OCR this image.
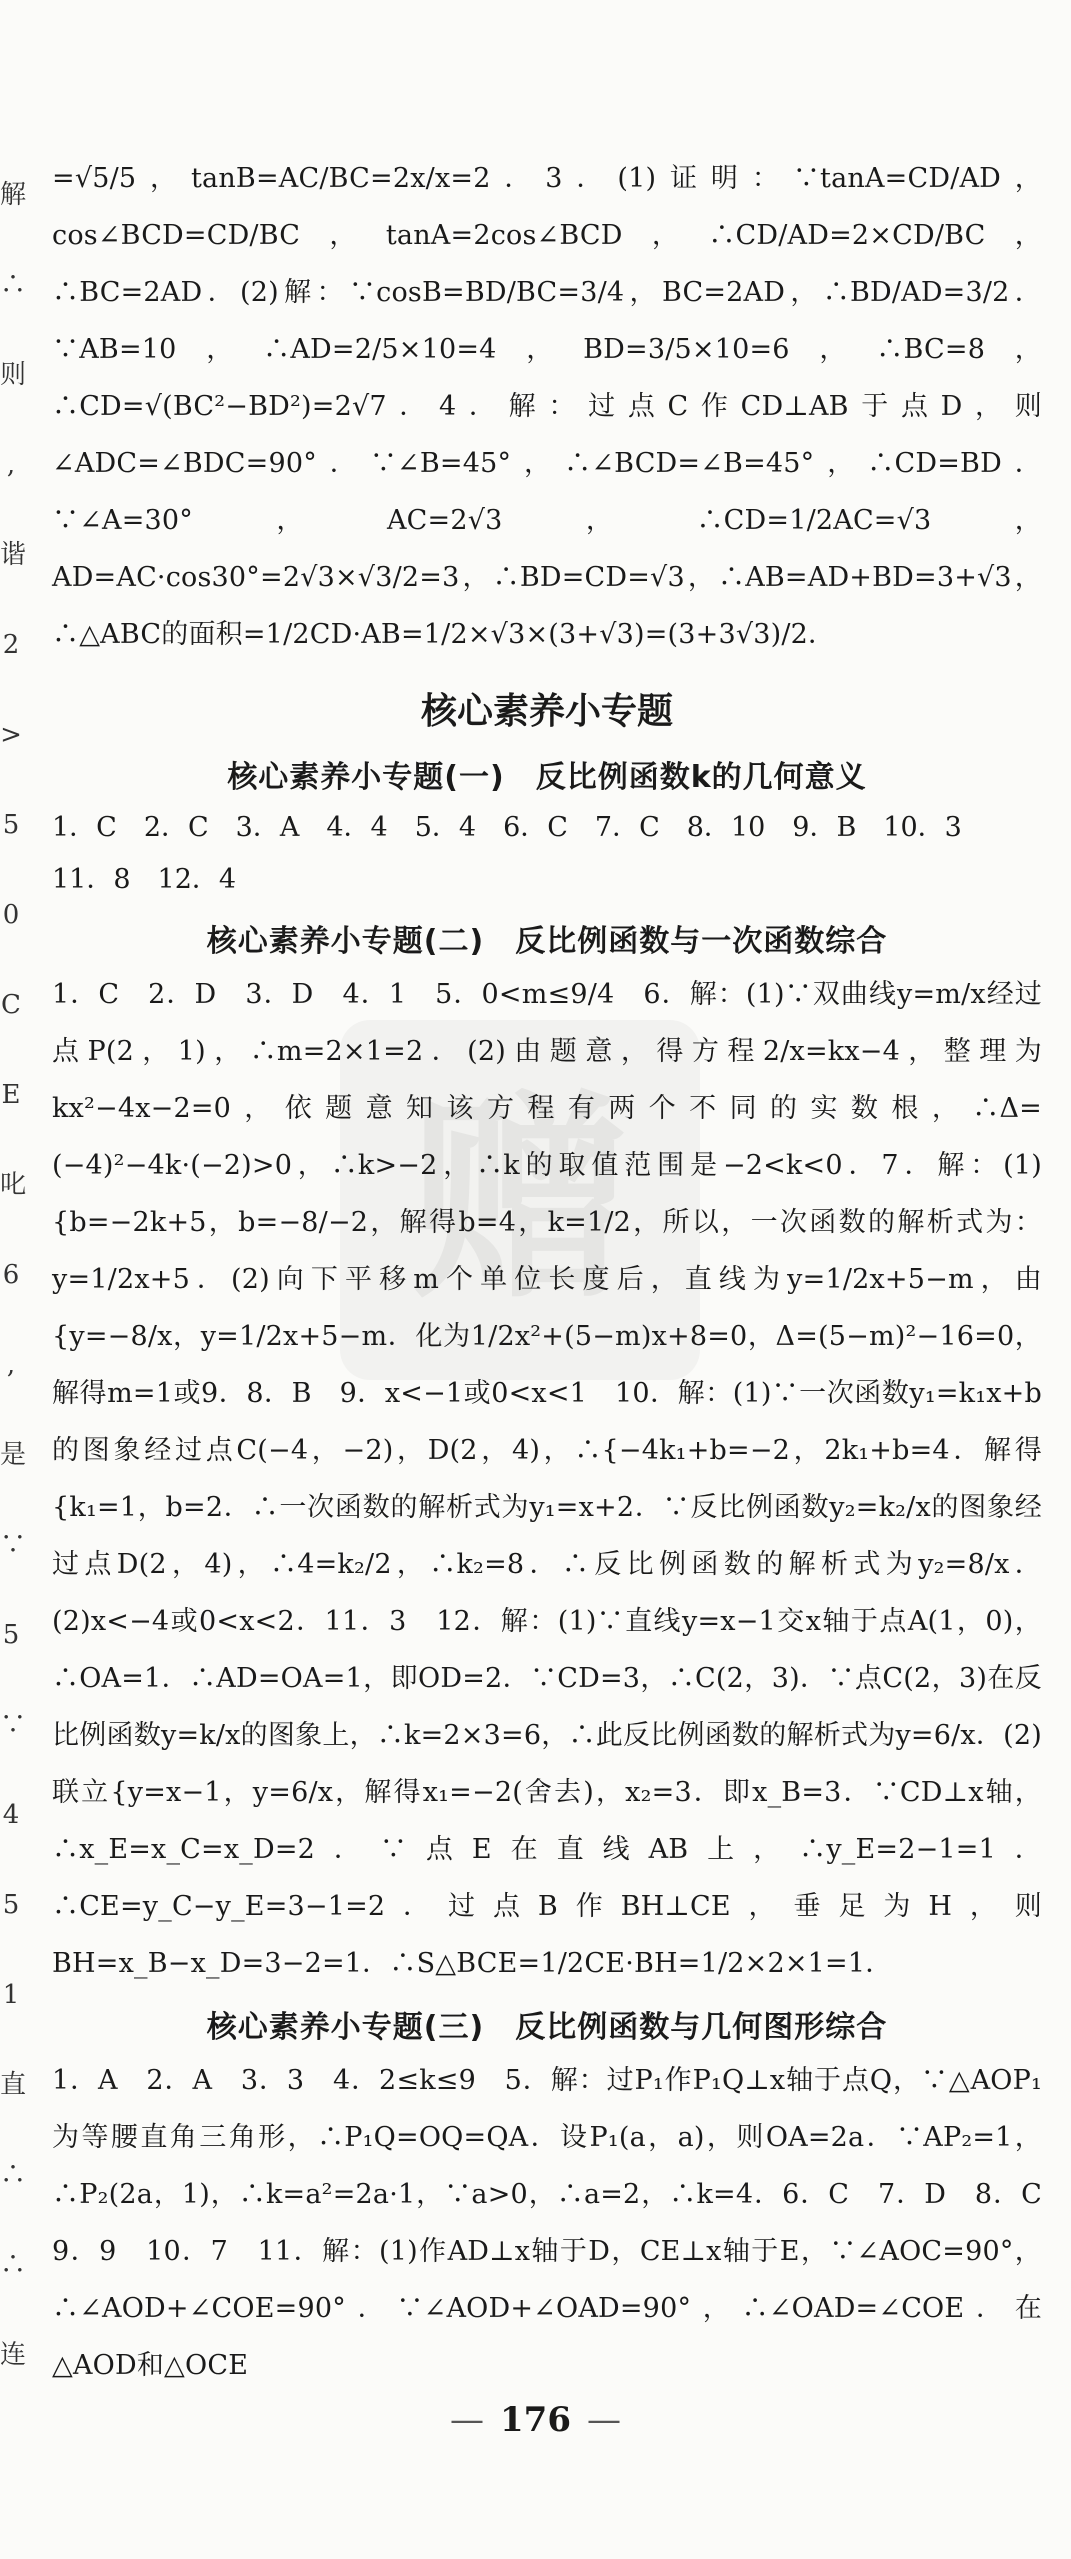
解 ∴ 则 , 谐 2 > 5 0 C E 叱 6 , 是 ∵ 5 ∵ 4 5 1 直 ∴ ∴ 连
赠

=√5/5，tanB=AC/BC=2x/x=2．3．(1)证明：∵tanA=CD/AD，cos∠BCD=CD/BC，tanA=2cos∠BCD，∴CD/AD=2×CD/BC，∴BC=2AD．(2)解：∵cosB=BD/BC=3/4，BC=2AD，∴BD/AD=3/2．∵AB=10，∴AD=2/5×10=4，BD=3/5×10=6，∴BC=8，∴CD=√(BC²−BD²)=2√7．4．解：过点C作CD⊥AB于点D，则∠ADC=∠BDC=90°．∵∠B=45°，∴∠BCD=∠B=45°，∴CD=BD．∵∠A=30°，AC=2√3，∴CD=1/2AC=√3，AD=AC·cos30°=2√3×√3/2=3，∴BD=CD=√3，∴AB=AD+BD=3+√3，∴△ABC的面积=1/2CD·AB=1/2×√3×(3+√3)=(3+3√3)/2．

核心素养小专题
核心素养小专题(一)　反比例函数k的几何意义

1．C　2．C　3．A　4．4　5．4　6．C　7．C　8．10　9．B　10．3　11．8　12．4

核心素养小专题(二)　反比例函数与一次函数综合

1．C　2．D　3．D　4．1　5．0<m≤9/4　6．解：(1)∵双曲线y=m/x经过点P(2，1)，∴m=2×1=2．(2)由题意，得方程2/x=kx−4，整理为kx²−4x−2=0，依题意知该方程有两个不同的实数根，∴Δ=(−4)²−4k·(−2)>0，∴k>−2，∴k的取值范围是−2<k<0．7．解：(1){b=−2k+5，b=−8/−2，解得b=4，k=1/2，所以，一次函数的解析式为：y=1/2x+5．(2)向下平移m个单位长度后，直线为y=1/2x+5−m，由{y=−8/x，y=1/2x+5−m．化为1/2x²+(5−m)x+8=0，Δ=(5−m)²−16=0，解得m=1或9．8．B　9．x<−1或0<x<1　10．解：(1)∵一次函数y₁=k₁x+b的图象经过点C(−4，−2)，D(2，4)，∴{−4k₁+b=−2，2k₁+b=4．解得{k₁=1，b=2．∴一次函数的解析式为y₁=x+2．∵反比例函数y₂=k₂/x的图象经过点D(2，4)，∴4=k₂/2，∴k₂=8．∴反比例函数的解析式为y₂=8/x．(2)x<−4或0<x<2．11．3　12．解：(1)∵直线y=x−1交x轴于点A(1，0)，∴OA=1．∴AD=OA=1，即OD=2．∵CD=3，∴C(2，3)．∵点C(2，3)在反比例函数y=k/x的图象上，∴k=2×3=6，∴此反比例函数的解析式为y=6/x．(2)联立{y=x−1，y=6/x，解得x₁=−2(舍去)，x₂=3．即x_B=3．∵CD⊥x轴，∴x_E=x_C=x_D=2．∵点E在直线AB上，∴y_E=2−1=1．∴CE=y_C−y_E=3−1=2．过点B作BH⊥CE，垂足为H，则BH=x_B−x_D=3−2=1．∴S△BCE=1/2CE·BH=1/2×2×1=1．

核心素养小专题(三)　反比例函数与几何图形综合

1．A　2．A　3．3　4．2≤k≤9　5．解：过P₁作P₁Q⊥x轴于点Q，∵△AOP₁为等腰直角三角形，∴P₁Q=OQ=QA．设P₁(a，a)，则OA=2a．∵AP₂=1，∴P₂(2a，1)，∴k=a²=2a·1，∵a>0，∴a=2，∴k=4．6．C　7．D　8．C　9．9　10．7　11．解：(1)作AD⊥x轴于D，CE⊥x轴于E，∵∠AOC=90°，∴∠AOD+∠COE=90°．∵∠AOD+∠OAD=90°，∴∠OAD=∠COE．在△AOD和△OCE

— 176 —
